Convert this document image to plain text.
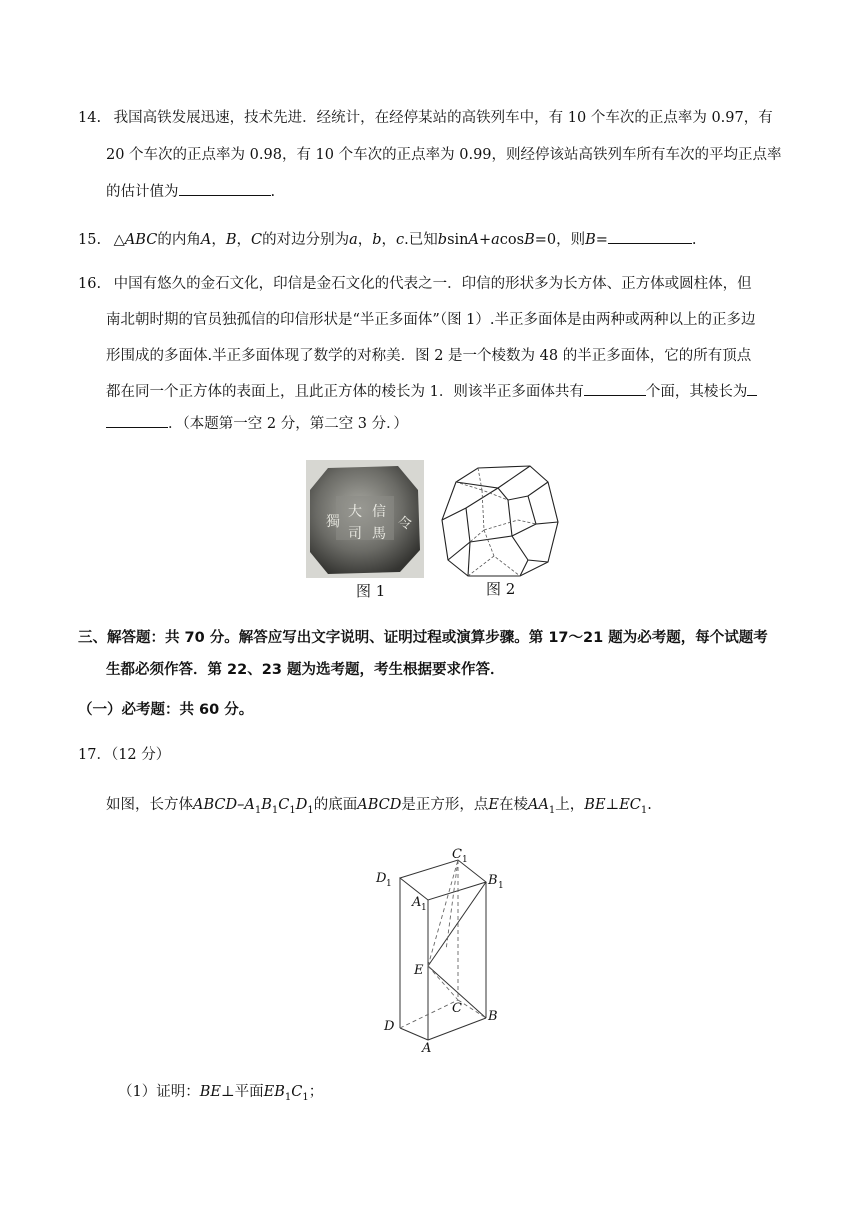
14. 我国高铁发展迅速，技术先进．经统计，在经停某站的高铁列车中，有 10 个车次的正点率为 0.97，有
20 个车次的正点率为 0.98，有 10 个车次的正点率为 0.99，则经停该站高铁列车所有车次的平均正点率
的估计值为	.
15. △ABC的内角A，B，C的对边分别为a，b，c.已知bsinA+acosB=0，则B=	.
16. 中国有悠久的金石文化，印信是金石文化的代表之一．印信的形状多为长方体、正方体或圆柱体，但
南北朝时期的官员独孤信的印信形状是“半正多面体”（图 1）.半正多面体是由两种或两种以上的正多边
形围成的多面体.半正多面体现了数学的对称美．图 2 是一个棱数为 48 的半正多面体，它的所有顶点
都在同一个正方体的表面上，且此正方体的棱长为 1．则该半正多面体共有	个面，其棱长为
．（本题第一空 2 分，第二空 3 分．）
獨
大 信
司 馬
令
图 1	图 2
三、解答题：共 70 分。解答应写出文字说明、证明过程或演算步骤。第 17～21 题为必考题，每个试题考
生都必须作答．第 22、23 题为选考题，考生根据要求作答．
（一）必考题：共 60 分。
17．（12 分）
如图，长方体ABCD–$A_1B_1C_1D_1$的底面ABCD是正方形，点E在棱$AA_1$上，$BE\perp EC_1$.
C 1
D 1	B 1
A 1
E
C
D
B
A
（1）证明：BE⊥平面$EB_1C_1$；
